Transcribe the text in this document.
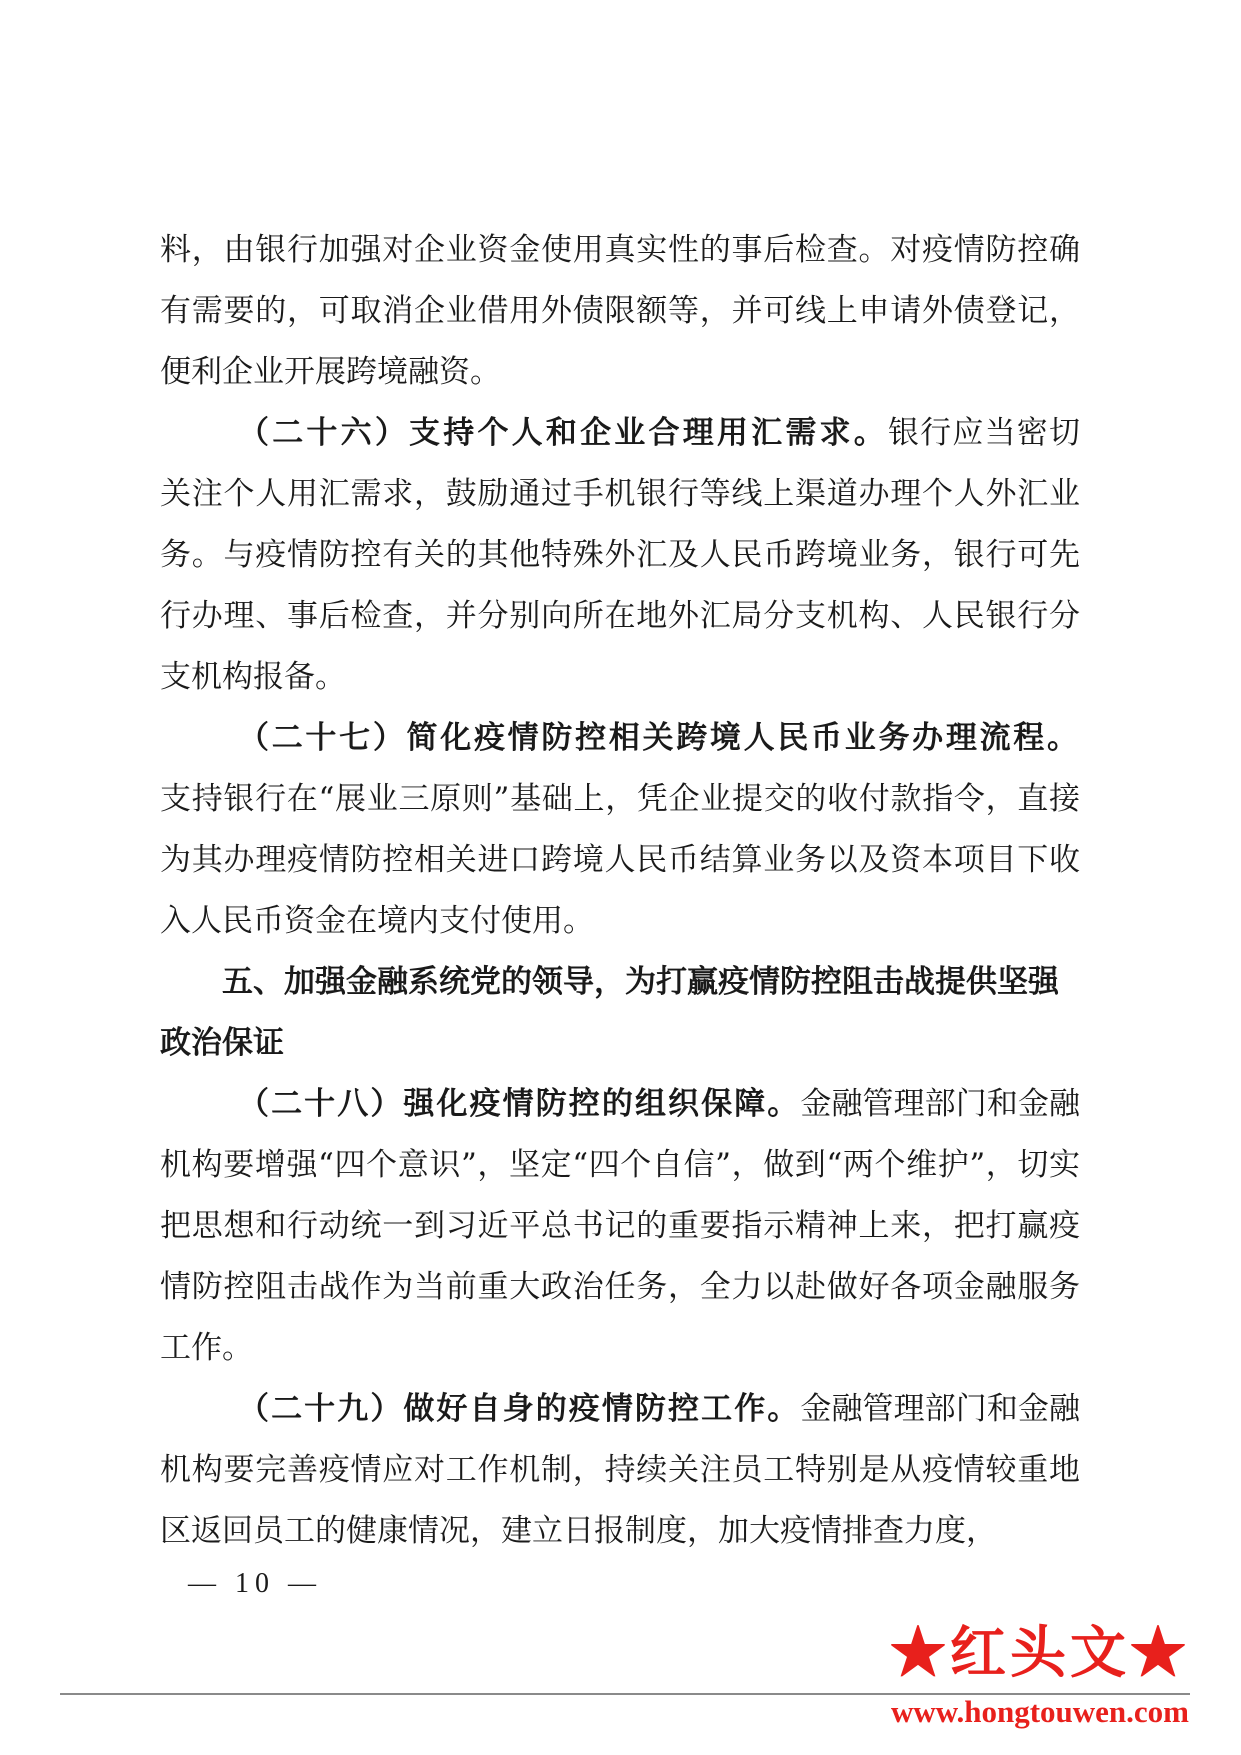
料，由银行加强对企业资金使用真实性的事后检查。对疫情防控确有需要的，可取消企业借用外债限额等，并可线上申请外债登记，便利企业开展跨境融资。

（二十六）支持个人和企业合理用汇需求。银行应当密切关注个人用汇需求，鼓励通过手机银行等线上渠道办理个人外汇业务。与疫情防控有关的其他特殊外汇及人民币跨境业务，银行可先行办理、事后检查，并分别向所在地外汇局分支机构、人民银行分支机构报备。

（二十七）简化疫情防控相关跨境人民币业务办理流程。支持银行在“展业三原则”基础上，凭企业提交的收付款指令，直接为其办理疫情防控相关进口跨境人民币结算业务以及资本项目下收入人民币资金在境内支付使用。

五、加强金融系统党的领导，为打赢疫情防控阻击战提供坚强政治保证

（二十八）强化疫情防控的组织保障。金融管理部门和金融机构要增强“四个意识”，坚定“四个自信”，做到“两个维护”，切实把思想和行动统一到习近平总书记的重要指示精神上来，把打赢疫情防控阻击战作为当前重大政治任务，全力以赴做好各项金融服务工作。

（二十九）做好自身的疫情防控工作。金融管理部门和金融机构要完善疫情应对工作机制，持续关注员工特别是从疫情较重地区返回员工的健康情况，建立日报制度，加大疫情排查力度，

— 10 —
★红头文★
www.hongtouwen.com
